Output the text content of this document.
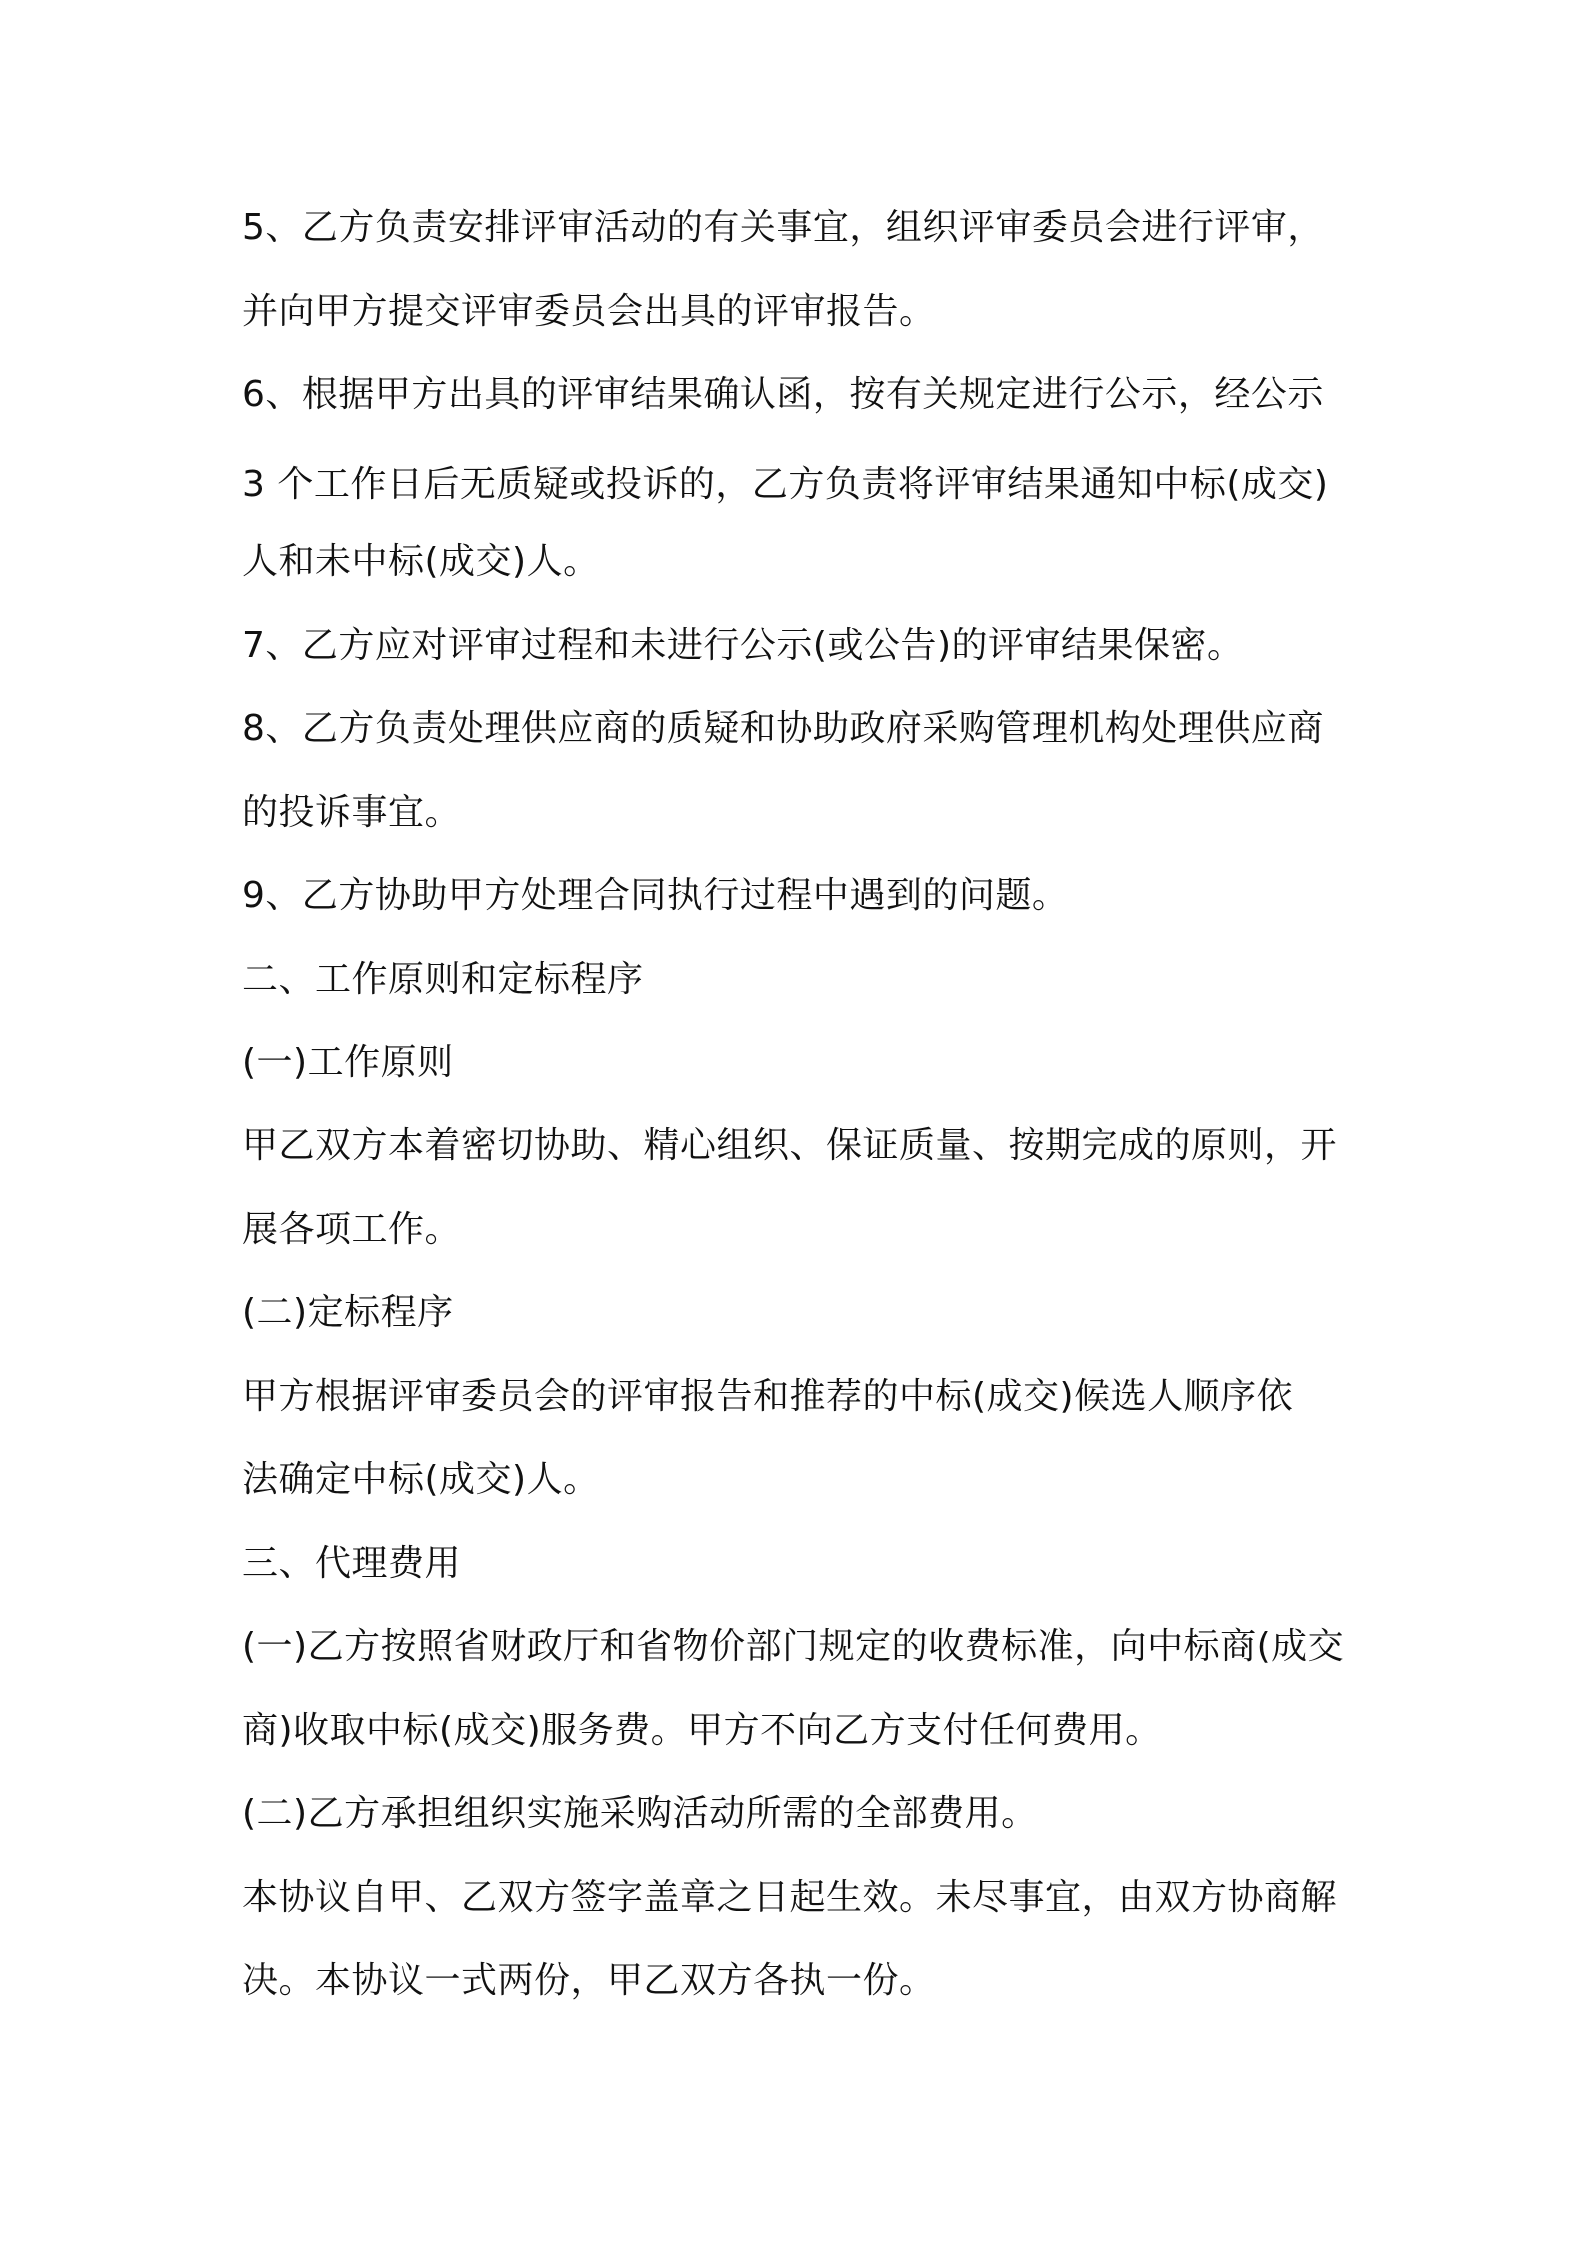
5、乙方负责安排评审活动的有关事宜，组织评审委员会进行评审，

并向甲方提交评审委员会出具的评审报告。

6、根据甲方出具的评审结果确认函，按有关规定进行公示，经公示

3 个工作日后无质疑或投诉的，乙方负责将评审结果通知中标(成交)

人和未中标(成交)人。

7、乙方应对评审过程和未进行公示(或公告)的评审结果保密。

8、乙方负责处理供应商的质疑和协助政府采购管理机构处理供应商

的投诉事宜。

9、乙方协助甲方处理合同执行过程中遇到的问题。

二、工作原则和定标程序

(一)工作原则

甲乙双方本着密切协助、精心组织、保证质量、按期完成的原则，开

展各项工作。

(二)定标程序

甲方根据评审委员会的评审报告和推荐的中标(成交)候选人顺序依

法确定中标(成交)人。

三、代理费用

(一)乙方按照省财政厅和省物价部门规定的收费标准，向中标商(成交

商)收取中标(成交)服务费。甲方不向乙方支付任何费用。

(二)乙方承担组织实施采购活动所需的全部费用。

本协议自甲、乙双方签字盖章之日起生效。未尽事宜，由双方协商解

决。本协议一式两份，甲乙双方各执一份。
